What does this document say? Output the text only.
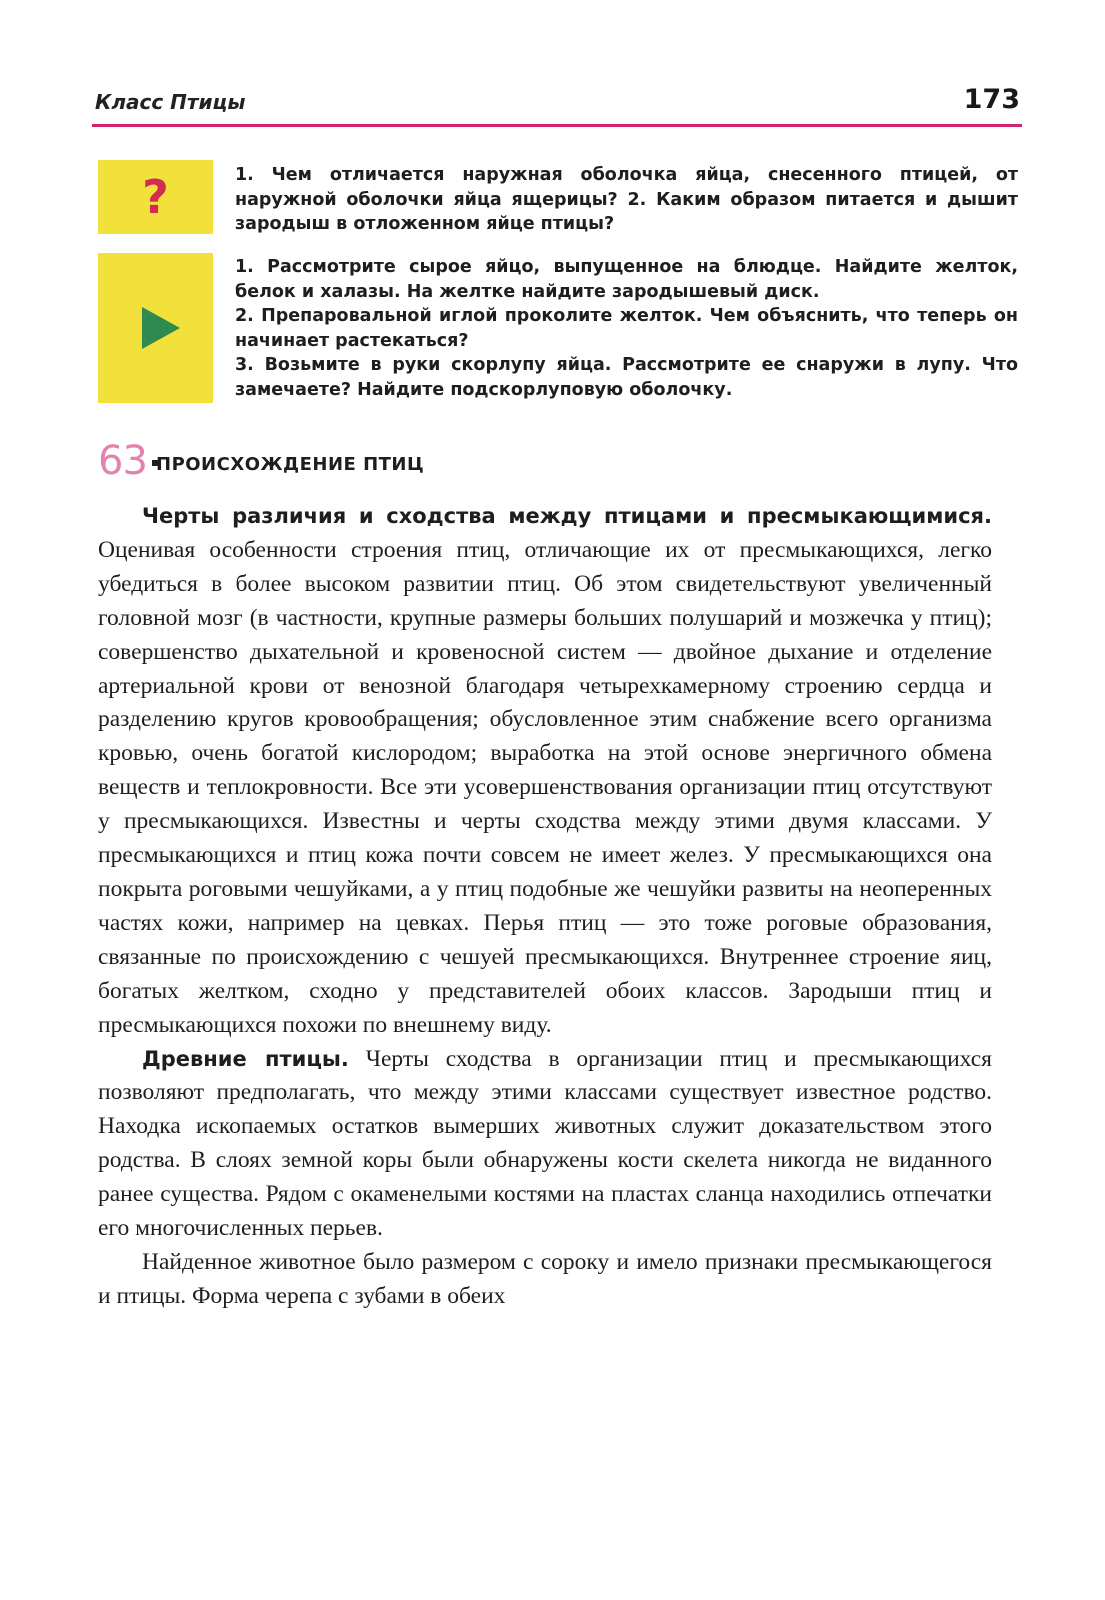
Класс Птицы	173
?	1. Чем отличается наружная оболочка яйца, снесенного птицей, от наружной оболочки яйца ящерицы? 2. Каким образом питается и дышит зародыш в отложенном яйце птицы?

1. Рассмотрите сырое яйцо, выпущенное на блюдце. Найдите желток, белок и халазы. На желтке найдите зародышевый диск.

2. Препаровальной иглой проколите желток. Чем объяснить, что теперь он начинает растекаться?

3. Возьмите в руки скорлупу яйца. Рассмотрите ее снаружи в лупу. Что замечаете? Найдите подскорлуповую оболочку.

63 ПРОИСХОЖДЕНИЕ ПТИЦ

Черты различия и сходства между птицами и пресмыкающимися. Оценивая особенности строения птиц, отличающие их от пресмыкающихся, легко убедиться в более высоком развитии птиц. Об этом свидетельствуют увеличенный головной мозг (в частности, крупные размеры больших полушарий и мозжечка у птиц); совершенство дыхательной и кровеносной систем — двойное дыхание и отделение артериальной крови от венозной благодаря четырехкамерному строению сердца и разделению кругов кровообращения; обусловленное этим снабжение всего организма кровью, очень богатой кислородом; выработка на этой основе энергичного обмена веществ и теплокровности. Все эти усовершенствования организации птиц отсутствуют у пресмыкающихся. Известны и черты сходства между этими двумя классами. У пресмыкающихся и птиц кожа почти совсем не имеет желез. У пресмыкающихся она покрыта роговыми чешуйками, а у птиц подобные же чешуйки развиты на неоперенных частях кожи, например на цевках. Перья птиц — это тоже роговые образования, связанные по происхождению с чешуей пресмыкающихся. Внутреннее строение яиц, богатых желтком, сходно у представителей обоих классов. Зародыши птиц и пресмыкающихся похожи по внешнему виду.

Древние птицы. Черты сходства в организации птиц и пресмыкающихся позволяют предполагать, что между этими классами существует известное родство. Находка ископаемых остатков вымерших животных служит доказательством этого родства. В слоях земной коры были обнаружены кости скелета никогда не виданного ранее существа. Рядом с окаменелыми костями на пластах сланца находились отпечатки его многочисленных перьев.

Найденное животное было размером с сороку и имело признаки пресмыкающегося и птицы. Форма черепа с зубами в обеих
